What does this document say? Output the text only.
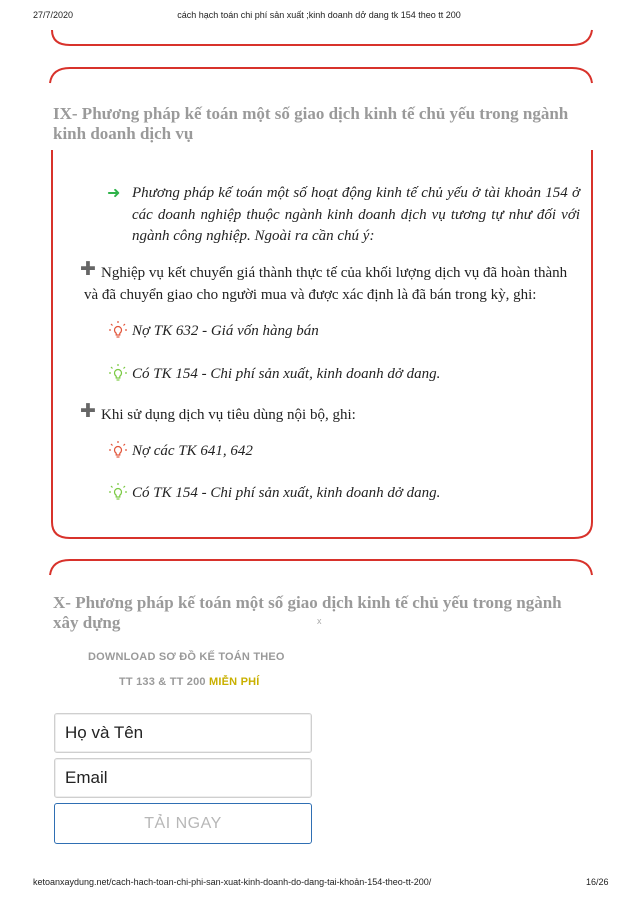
27/7/2020	cách hạch toán chi phí sản xuất ;kinh doanh dở dang tk 154 theo tt 200
IX- Phương pháp kế toán một số giao dịch kinh tế chủ yếu trong ngành kinh doanh dịch vụ
➜ Phương pháp kế toán một số hoạt động kinh tế chủ yếu ở tài khoản 154 ở các doanh nghiệp thuộc ngành kinh doanh dịch vụ tương tự như đối với ngành công nghiệp. Ngoài ra cần chú ý:
✚ Nghiệp vụ kết chuyển giá thành thực tế của khối lượng dịch vụ đã hoàn thành và đã chuyển giao cho người mua và được xác định là đã bán trong kỳ, ghi:
Nợ TK 632 - Giá vốn hàng bán
Có TK 154 - Chi phí sản xuất, kinh doanh dở dang.
✚ Khi sử dụng dịch vụ tiêu dùng nội bộ, ghi:
Nợ các TK 641, 642
Có TK 154 - Chi phí sản xuất, kinh doanh dở dang.
X- Phương pháp kế toán một số giao dịch kinh tế chủ yếu trong ngành xây dựng	x
DOWNLOAD SƠ ĐỒ KẾ TOÁN THEO
TT 133 & TT 200 MIỄN PHÍ
Họ và Tên
Email
TẢI NGAY
ketoanxaydung.net/cach-hach-toan-chi-phi-san-xuat-kinh-doanh-do-dang-tai-khoản-154-theo-tt-200/	16/26
